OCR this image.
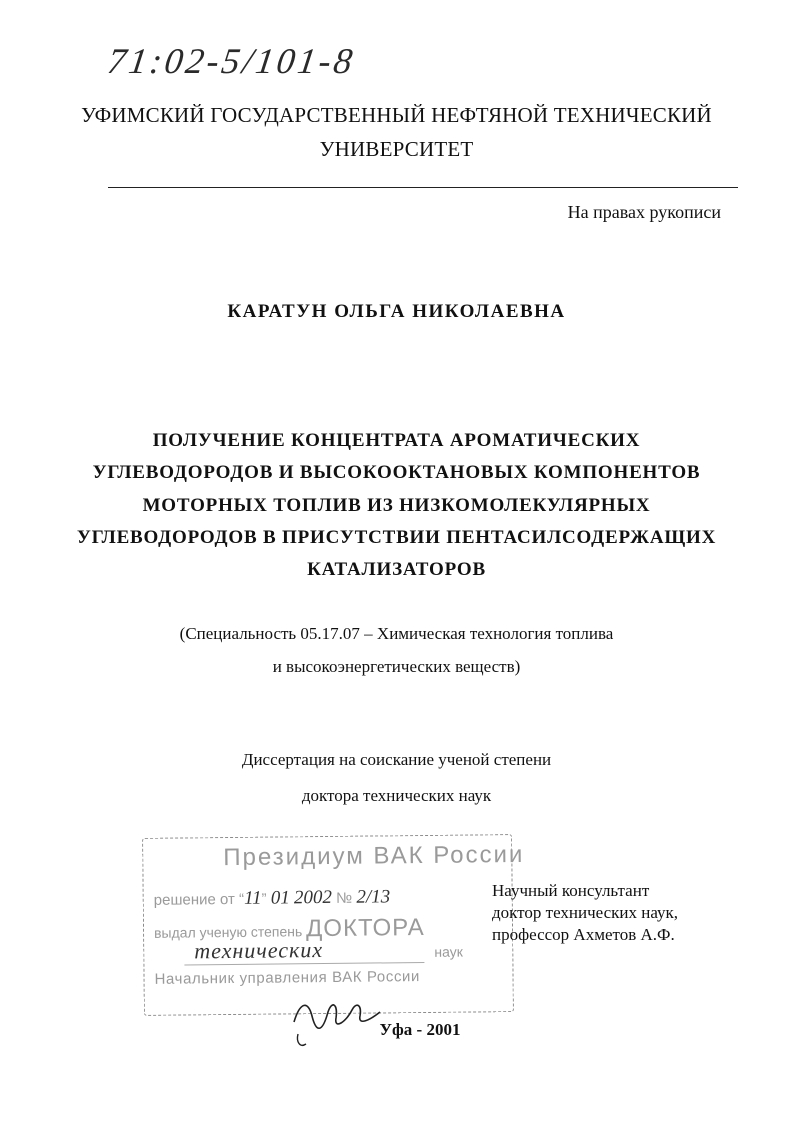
71:02-5/101-8
УФИМСКИЙ ГОСУДАРСТВЕННЫЙ НЕФТЯНОЙ ТЕХНИЧЕСКИЙ
УНИВЕРСИТЕТ
На правах рукописи
КАРАТУН ОЛЬГА НИКОЛАЕВНА
ПОЛУЧЕНИЕ КОНЦЕНТРАТА АРОМАТИЧЕСКИХ
УГЛЕВОДОРОДОВ И ВЫСОКООКТАНОВЫХ КОМПОНЕНТОВ
МОТОРНЫХ ТОПЛИВ ИЗ НИЗКОМОЛЕКУЛЯРНЫХ
УГЛЕВОДОРОДОВ В ПРИСУТСТВИИ ПЕНТАСИЛСОДЕРЖАЩИХ
КАТАЛИЗАТОРОВ
(Специальность 05.17.07 – Химическая технология топлива
и высокоэнергетических веществ)
Диссертация на соискание ученой степени
доктора технических наук
Президиум ВАК России
решение от “11” 01 2002 № 2/13
выдал ученую степень ДОКТОРА
технических	наук
Начальник управления ВАК России
Научный консультант
доктор технических наук,
профессор Ахметов А.Ф.
Уфа - 2001
